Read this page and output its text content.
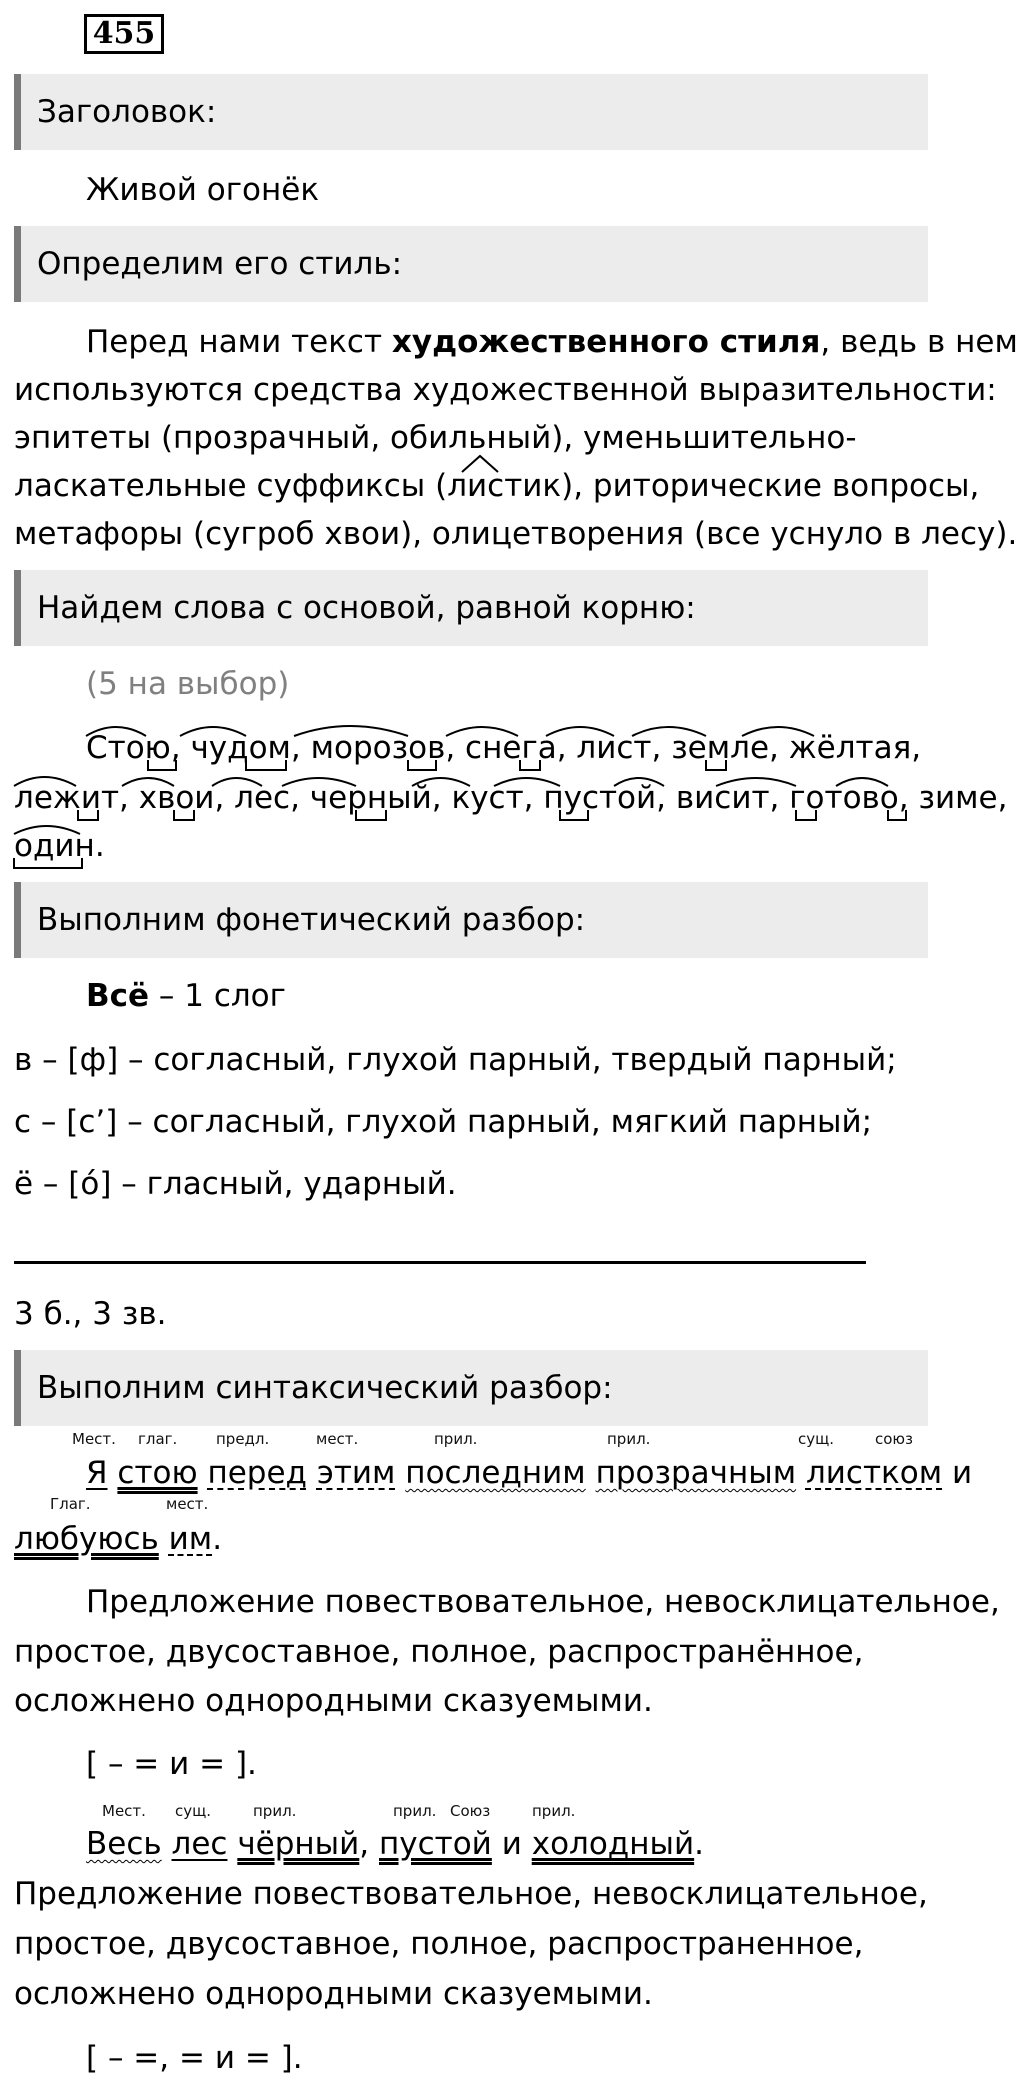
455
Заголовок:
Живой огонёк
Определим его стиль:
Перед нами текст художественного стиля, ведь в нем
используются средства художественной выразительности:
эпитеты (прозрачный, обильный), уменьшительно-
ласкательные суффиксы (листик), риторические вопросы,
метафоры (сугроб хвои), олицетворения (все уснуло в лесу).
Найдем слова с основой, равной корню:
(5 на выбор)
Стою, чудом, морозов, снега, лист, земле, жёлтая,
лежит, хвои, лес, черный, куст, пустой, висит, готово, зиме,
один.
Выполним фонетический разбор:
Всё – 1 слог
в – [ф] – согласный, глухой парный, твердый парный;
с – [с’] – согласный, глухой парный, мягкий парный;
ё – [ó] – гласный, ударный.
3 б., 3 зв.
Выполним синтаксический разбор:
Мест. глаг.	предл.	мест.	прил.	прил.	сущ.	союз
Я стою перед этим последним прозрачным листком и
Глаг.	мест.
любуюсь им.
Предложение повествовательное, невосклицательное,
простое, двусоставное, полное, распространённое,
осложнено однородными сказуемыми.
[ – = и = ].
Мест. сущ.	прил.	прил. Союз	прил.
Весь лес чёрный, пустой и холодный.
Предложение повествовательное, невосклицательное,
простое, двусоставное, полное, распространенное,
осложнено однородными сказуемыми.
[ – =, = и = ].
